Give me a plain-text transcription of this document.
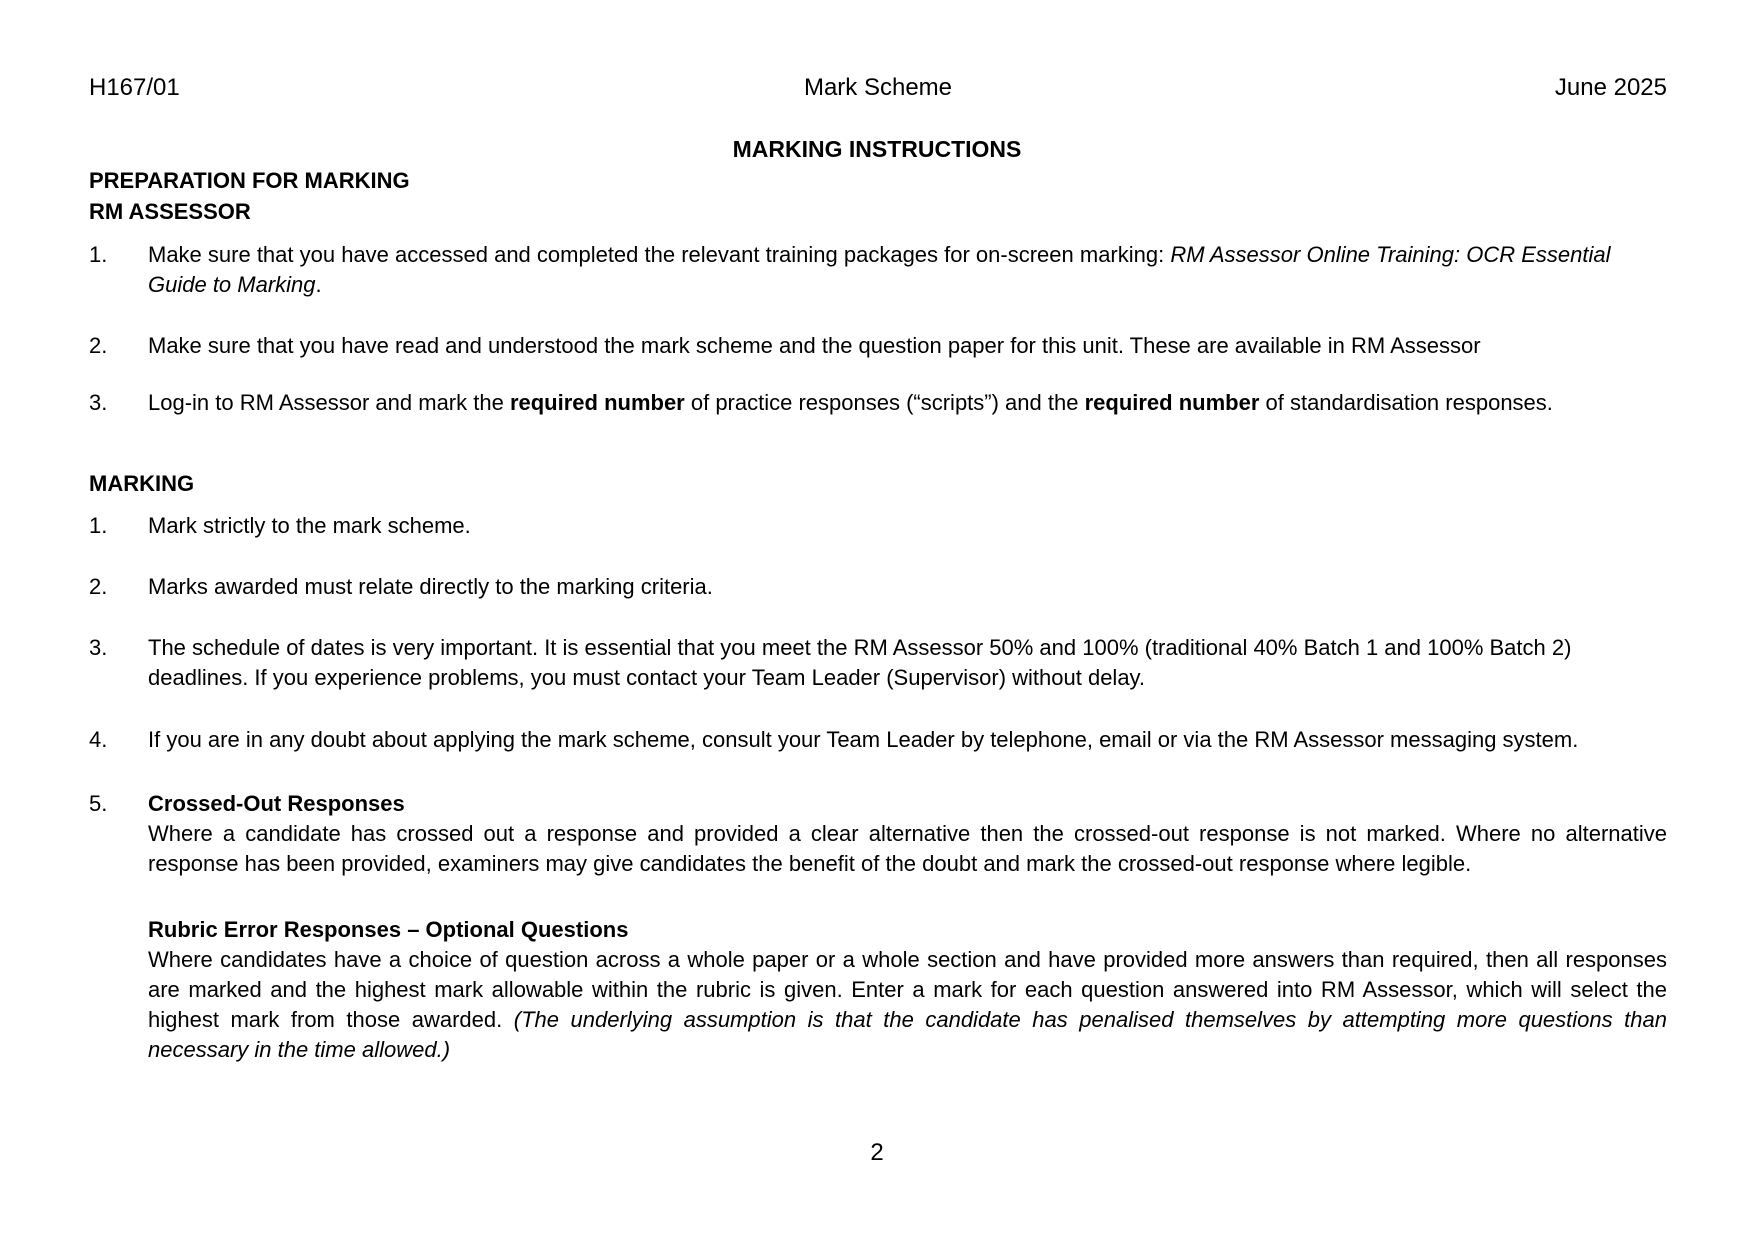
H167/01	Mark Scheme	June 2025
MARKING INSTRUCTIONS
PREPARATION FOR MARKING
RM ASSESSOR
1. Make sure that you have accessed and completed the relevant training packages for on-screen marking: RM Assessor Online Training: OCR Essential Guide to Marking.
2. Make sure that you have read and understood the mark scheme and the question paper for this unit. These are available in RM Assessor
3. Log-in to RM Assessor and mark the required number of practice responses (“scripts”) and the required number of standardisation responses.
MARKING
1. Mark strictly to the mark scheme.
2. Marks awarded must relate directly to the marking criteria.
3. The schedule of dates is very important. It is essential that you meet the RM Assessor 50% and 100% (traditional 40% Batch 1 and 100% Batch 2) deadlines. If you experience problems, you must contact your Team Leader (Supervisor) without delay.
4. If you are in any doubt about applying the mark scheme, consult your Team Leader by telephone, email or via the RM Assessor messaging system.
5. Crossed-Out Responses
Where a candidate has crossed out a response and provided a clear alternative then the crossed-out response is not marked. Where no alternative response has been provided, examiners may give candidates the benefit of the doubt and mark the crossed-out response where legible.
Rubric Error Responses – Optional Questions
Where candidates have a choice of question across a whole paper or a whole section and have provided more answers than required, then all responses are marked and the highest mark allowable within the rubric is given. Enter a mark for each question answered into RM Assessor, which will select the highest mark from those awarded. (The underlying assumption is that the candidate has penalised themselves by attempting more questions than necessary in the time allowed.)
2
